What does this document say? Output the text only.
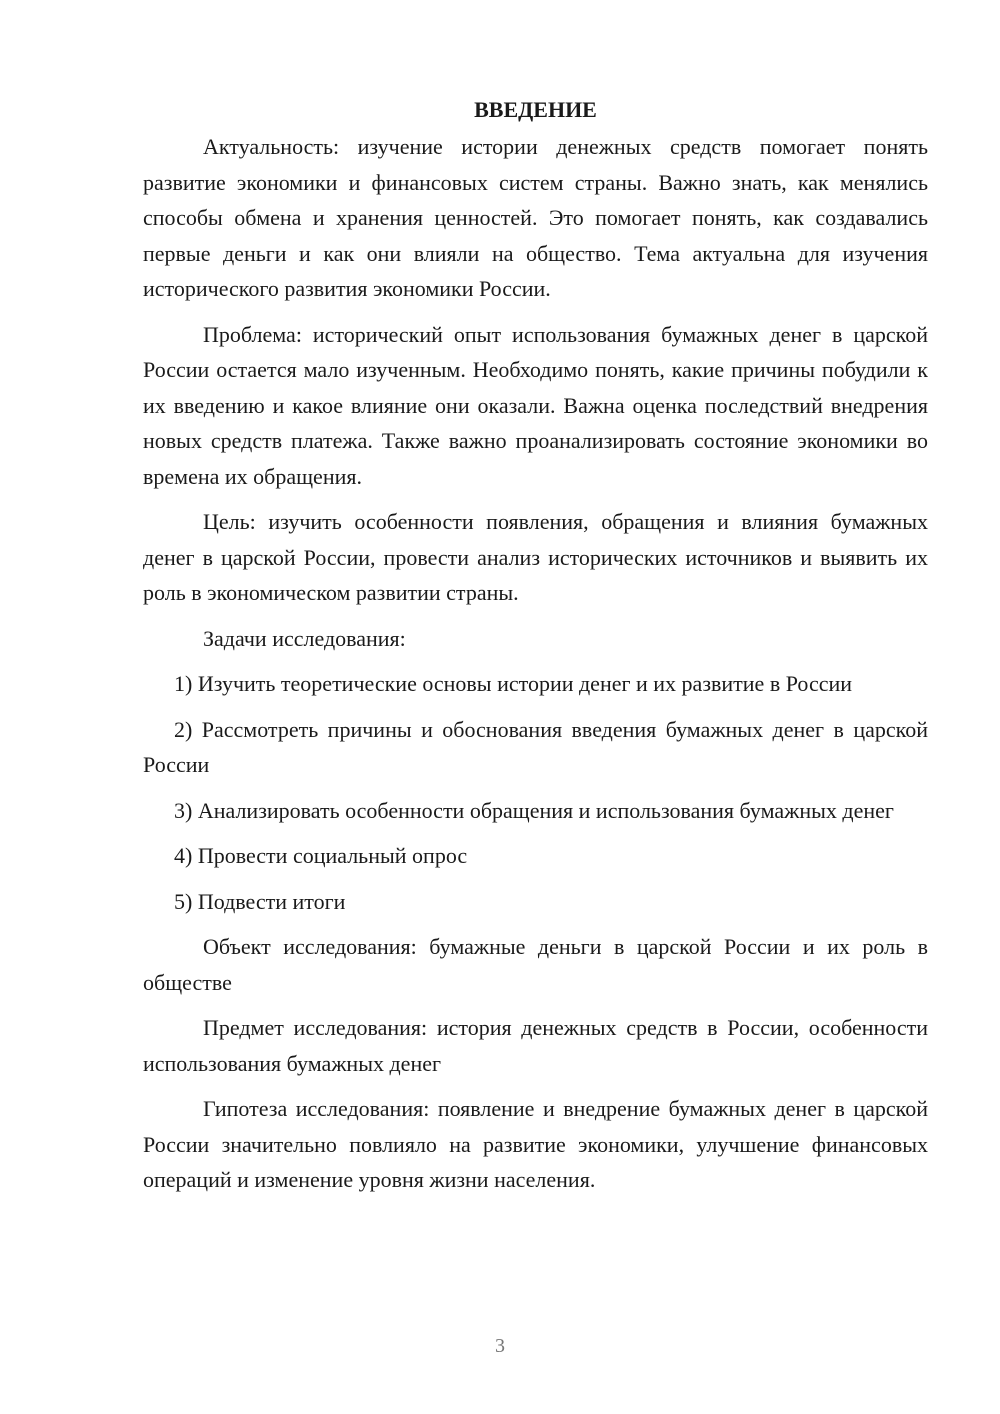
ВВЕДЕНИЕ

Актуальность: изучение истории денежных средств помогает понять развитие экономики и финансовых систем страны. Важно знать, как менялись способы обмена и хранения ценностей. Это помогает понять, как создавались первые деньги и как они влияли на общество. Тема актуальна для изучения исторического развития экономики России.

Проблема: исторический опыт использования бумажных денег в царской России остается мало изученным. Необходимо понять, какие причины побудили к их введению и какое влияние они оказали. Важна оценка последствий внедрения новых средств платежа. Также важно проанализировать состояние экономики во времена их обращения.

Цель: изучить особенности появления, обращения и влияния бумажных денег в царской России, провести анализ исторических источников и выявить их роль в экономическом развитии страны.

Задачи исследования:

1) Изучить теоретические основы истории денег и их развитие в России

2) Рассмотреть причины и обоснования введения бумажных денег в царской России

3) Анализировать особенности обращения и использования бумажных денег

4) Провести социальный опрос

5) Подвести итоги

Объект исследования: бумажные деньги в царской России и их роль в обществе

Предмет исследования: история денежных средств в России, особенности использования бумажных денег

Гипотеза исследования: появление и внедрение бумажных денег в царской России значительно повлияло на развитие экономики, улучшение финансовых операций и изменение уровня жизни населения.

3
